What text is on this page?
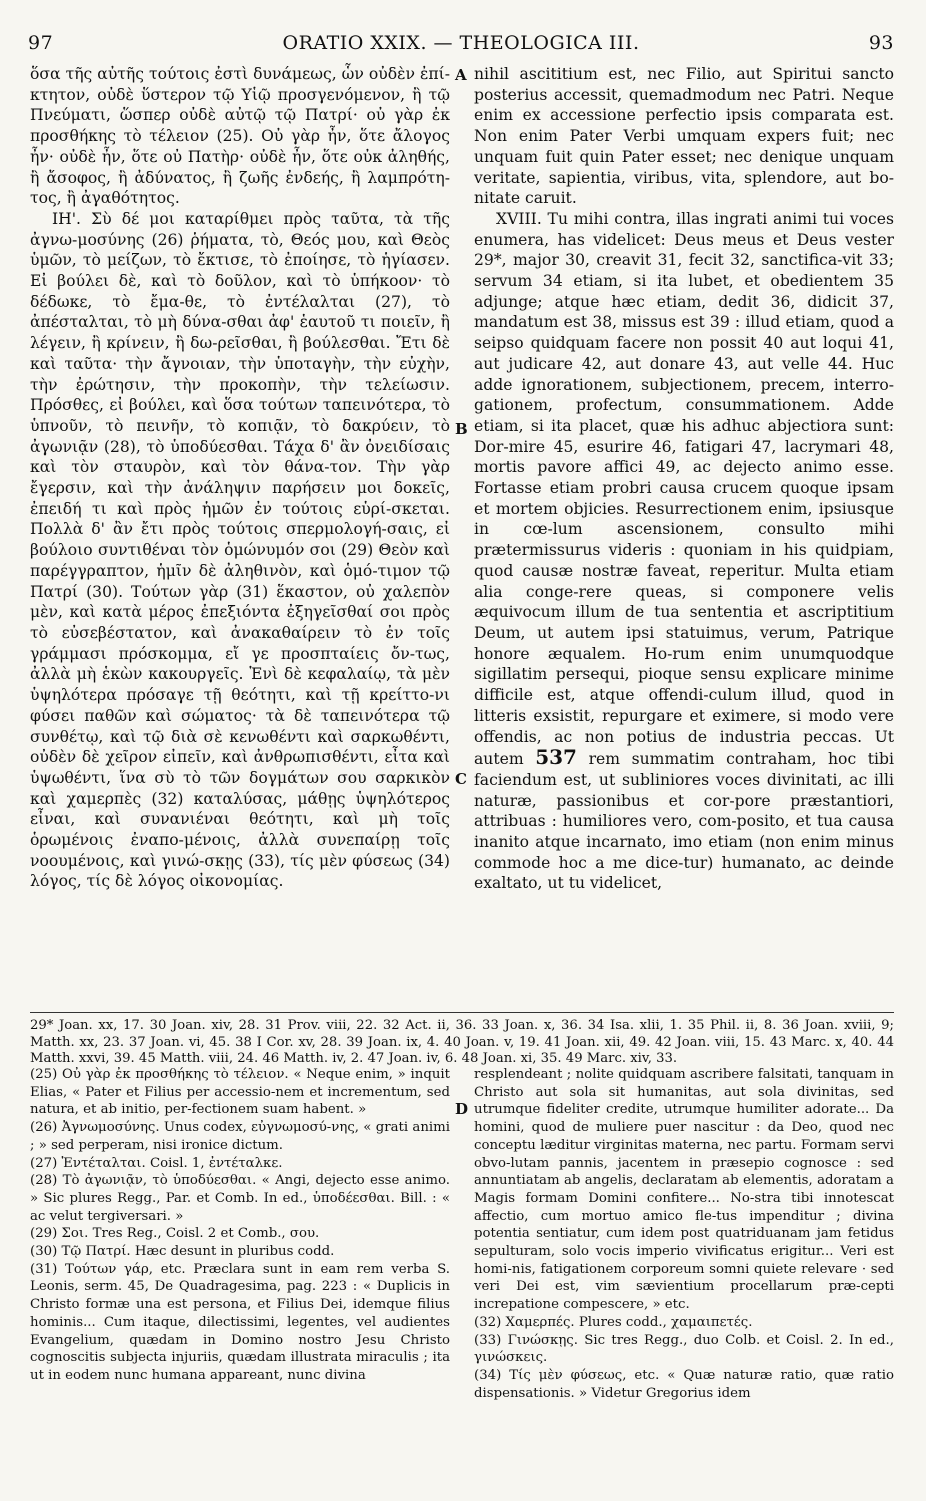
97	ORATIO XXIX. — THEOLOGICA III.	93

ὅσα τῆς αὐτῆς τούτοις ἐστὶ δυνάμεως, ὧν οὐδὲν ἐπί-κτητον, οὐδὲ ὕστερον τῷ Υἱῷ προσγενόμενον, ἢ τῷ Πνεύματι, ὥσπερ οὐδὲ αὐτῷ τῷ Πατρί· οὐ γὰρ ἐκ προσθήκης τὸ τέλειον (25). Οὐ γὰρ ἦν, ὅτε ἄλογος ἦν· οὐδὲ ἦν, ὅτε οὐ Πατὴρ· οὐδὲ ἦν, ὅτε οὐκ ἀληθής, ἢ ἄσοφος, ἢ ἀδύνατος, ἢ ζωῆς ἐνδεής, ἢ λαμπρότη-τος, ἢ ἀγαθότητος.

ΙΗ'. Σὺ δέ μοι καταρίθμει πρὸς ταῦτα, τὰ τῆς ἀγνω-μοσύνης (26) ῥήματα, τὸ, Θεός μου, καὶ Θεὸς ὑμῶν, τὸ μείζων, τὸ ἔκτισε, τὸ ἐποίησε, τὸ ἡγίασεν. Εἰ βούλει δὲ, καὶ τὸ δοῦλον, καὶ τὸ ὑπήκοον· τὸ δέδωκε, τὸ ἔμα-θε, τὸ ἐντέλαλται (27), τὸ ἀπέσταλται, τὸ μὴ δύνα-σθαι ἀφ' ἑαυτοῦ τι ποιεῖν, ἢ λέγειν, ἢ κρίνειν, ἢ δω-ρεῖσθαι, ἢ βούλεσθαι. Ἔτι δὲ καὶ ταῦτα· τὴν ἄγνοιαν, τὴν ὑποταγὴν, τὴν εὐχὴν, τὴν ἐρώτησιν, τὴν προκοπὴν, τὴν τελείωσιν. Πρόσθες, εἰ βούλει, καὶ ὅσα τούτων ταπεινότερα, τὸ ὑπνοῦν, τὸ πεινῆν, τὸ κοπιᾷν, τὸ δακρύειν, τὸ ἀγωνιᾷν (28), τὸ ὑποδύεσθαι. Τάχα δ' ἂν ὀνειδίσαις καὶ τὸν σταυρὸν, καὶ τὸν θάνα-τον. Τὴν γὰρ ἔγερσιν, καὶ τὴν ἀνάληψιν παρήσειν μοι δοκεῖς, ἐπειδή τι καὶ πρὸς ἡμῶν ἐν τούτοις εὑρί-σκεται. Πολλὰ δ' ἂν ἔτι πρὸς τούτοις σπερμολογή-σαις, εἰ βούλοιο συντιθέναι τὸν ὁμώνυμόν σοι (29) Θεὸν καὶ παρέγγραπτον, ἡμῖν δὲ ἀληθινὸν, καὶ ὁμό-τιμον τῷ Πατρί (30). Τούτων γὰρ (31) ἕκαστον, οὐ χαλεπὸν μὲν, καὶ κατὰ μέρος ἐπεξιόντα ἐξηγεῖσθαί σοι πρὸς τὸ εὐσεβέστατον, καὶ ἀνακαθαίρειν τὸ ἐν τοῖς γράμμασι πρόσκομμα, εἴ γε προσπταίεις ὄν-τως, ἀλλὰ μὴ ἑκὼν κακουργεῖς. Ἑνὶ δὲ κεφαλαίῳ, τὰ μὲν ὑψηλότερα πρόσαγε τῇ θεότητι, καὶ τῇ κρείττο-νι φύσει παθῶν καὶ σώματος· τὰ δὲ ταπεινότερα τῷ συνθέτῳ, καὶ τῷ διὰ σὲ κενωθέντι καὶ σαρκωθέντι, οὐδὲν δὲ χεῖρον εἰπεῖν, καὶ ἀνθρωπισθέντι, εἶτα καὶ ὑψωθέντι, ἵνα σὺ τὸ τῶν δογμάτων σου σαρκικὸν καὶ χαμερπὲς (32) καταλύσας, μάθῃς ὑψηλότερος εἶναι, καὶ συνανιέναι θεότητι, καὶ μὴ τοῖς ὁρωμένοις ἐναπο-μένοις, ἀλλὰ συνεπαίρῃ τοῖς νοουμένοις, καὶ γινώ-σκῃς (33), τίς μὲν φύσεως (34) λόγος, τίς δὲ λόγος οἰκονομίας.

A
B
C
D

nihil ascititium est, nec Filio, aut Spiritui sancto posterius accessit, quemadmodum nec Patri. Neque enim ex accessione perfectio ipsis comparata est. Non enim Pater Verbi umquam expers fuit; nec unquam fuit quin Pater esset; nec denique unquam veritate, sapientia, viribus, vita, splendore, aut bo-nitate caruit.

XVIII. Tu mihi contra, illas ingrati animi tui voces enumera, has videlicet: Deus meus et Deus vester 29*, major 30, creavit 31, fecit 32, sanctifica-vit 33; servum 34 etiam, si ita lubet, et obedientem 35 adjunge; atque hæc etiam, dedit 36, didicit 37, mandatum est 38, missus est 39 : illud etiam, quod a seipso quidquam facere non possit 40 aut loqui 41, aut judicare 42, aut donare 43, aut velle 44. Huc adde ignorationem, subjectionem, precem, interro-gationem, profectum, consummationem. Adde etiam, si ita placet, quæ his adhuc abjectiora sunt: Dor-mire 45, esurire 46, fatigari 47, lacrymari 48, mortis pavore affici 49, ac dejecto animo esse. Fortasse etiam probri causa crucem quoque ipsam et mortem objicies. Resurrectionem enim, ipsiusque in cœ-lum ascensionem, consulto mihi prætermissurus videris : quoniam in his quidpiam, quod causæ nostræ faveat, reperitur. Multa etiam alia conge-rere queas, si componere velis æquivocum illum de tua sententia et ascriptitium Deum, ut autem ipsi statuimus, verum, Patrique honore æqualem. Ho-rum enim unumquodque sigillatim persequi, pioque sensu explicare minime difficile est, atque offendi-culum illud, quod in litteris exsistit, repurgare et eximere, si modo vere offendis, ac non potius de industria peccas. Ut autem 537 rem summatim contraham, hoc tibi faciendum est, ut subliniores voces divinitati, ac illi naturæ, passionibus et cor-pore præstantiori, attribuas : humiliores vero, com-posito, et tua causa inanito atque incarnato, imo etiam (non enim minus commode hoc a me dice-tur) humanato, ac deinde exaltato, ut tu videlicet,

29* Joan. xx, 17. 30 Joan. xiv, 28. 31 Prov. viii, 22. 32 Act. ii, 36. 33 Joan. x, 36. 34 Isa. xlii, 1. 35 Phil. ii, 8. 36 Joan. xviii, 9; Matth. xx, 23. 37 Joan. vi, 45. 38 I Cor. xv, 28. 39 Joan. ix, 4. 40 Joan. v, 19. 41 Joan. xii, 49. 42 Joan. viii, 15. 43 Marc. x, 40. 44 Matth. xxvi, 39. 45 Matth. viii, 24. 46 Matth. iv, 2. 47 Joan. iv, 6. 48 Joan. xi, 35. 49 Marc. xiv, 33.

(25) Οὐ γὰρ ἐκ προσθήκης τὸ τέλειον. « Neque enim, » inquit Elias, « Pater et Filius per accessio-nem et incrementum, sed natura, et ab initio, per-fectionem suam habent. »

(26) Ἀγνωμοσύνης. Unus codex, εὐγνωμοσύ-νης, « grati animi ; » sed perperam, nisi ironice dictum.

(27) Ἐντέταλται. Coisl. 1, ἐντέταλκε.

(28) Τὸ ἀγωνιᾷν, τὸ ὑποδύεσθαι. « Angi, dejecto esse animo. » Sic plures Regg., Par. et Comb. In ed., ὑποδέεσθαι. Bill. : « ac velut tergiversari. »

(29) Σοι. Tres Reg., Coisl. 2 et Comb., σου.

(30) Τῷ Πατρί. Hæc desunt in pluribus codd.

(31) Τούτων γάρ, etc. Præclara sunt in eam rem verba S. Leonis, serm. 45, De Quadragesima, pag. 223 : « Duplicis in Christo formæ una est persona, et Filius Dei, idemque filius hominis... Cum itaque, dilectissimi, legentes, vel audientes Evangelium, quædam in Domino nostro Jesu Christo cognoscitis subjecta injuriis, quædam illustrata miraculis ; ita ut in eodem nunc humana appareant, nunc divina

resplendeant ; nolite quidquam ascribere falsitati, tanquam in Christo aut sola sit humanitas, aut sola divinitas, sed utrumque fideliter credite, utrumque humiliter adorate... Da homini, quod de muliere puer nascitur : da Deo, quod nec conceptu læditur virginitas materna, nec partu. Formam servi obvo-lutam pannis, jacentem in præsepio cognosce : sed annuntiatam ab angelis, declaratam ab elementis, adoratam a Magis formam Domini confitere... No-stra tibi innotescat affectio, cum mortuo amico fle-tus impenditur ; divina potentia sentiatur, cum idem post quatriduanam jam fetidus sepulturam, solo vocis imperio vivificatus erigitur... Veri est homi-nis, fatigationem corporeum somni quiete relevare · sed veri Dei est, vim sævientium procellarum præ-cepti increpatione compescere, » etc.

(32) Χαμερπές. Plures codd., χαμαιπετές.

(33) Γινώσκῃς. Sic tres Regg., duo Colb. et Coisl. 2. In ed., γινώσκεις.

(34) Τίς μὲν φύσεως, etc. « Quæ naturæ ratio, quæ ratio dispensationis. » Videtur Gregorius idem
